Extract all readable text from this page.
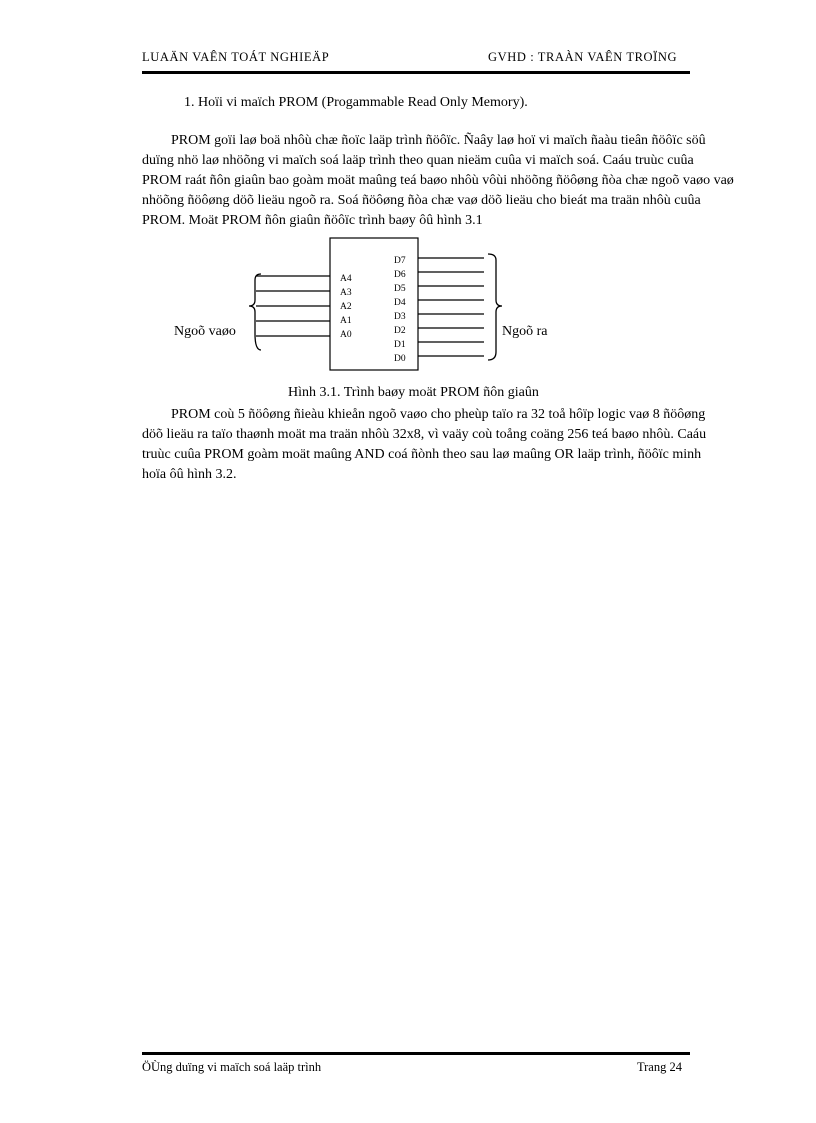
LUAÄN VAÊN TOÁT NGHIEÄP	GVHD : TRAÀN VAÊN TROÏNG
1. Hoïi vi maïch PROM (Progammable Read Only Memory).

PROM goïi laø boä nhôù chæ ñoïc laäp trình ñöôïc. Ñaây laø hoï vi maïch ñaàu tieân ñöôïc söû
duïng nhö laø nhöõng vi maïch soá laäp trình theo quan nieäm cuûa vi maïch soá. Caáu truùc cuûa
PROM raát ñôn giaûn bao goàm moät maûng teá baøo nhôù vôùi nhöõng ñöôøng ñòa chæ ngoõ vaøo vaø
nhöõng ñöôøng döõ lieäu ngoõ ra. Soá ñöôøng ñòa chæ vaø döõ lieäu cho bieát ma traän nhôù cuûa
PROM. Moät PROM ñôn giaûn ñöôïc trình baøy ôû hình 3.1

A4
A3
A2
A1
A0
D7
D6
D5
D4
D3
D2
D1
D0
Ngoõ vaøo	Ngoõ ra
Hình 3.1. Trình baøy moät PROM ñôn giaûn

PROM coù 5 ñöôøng ñieàu khieån ngoõ vaøo cho pheùp taïo ra 32 toå hôïp logic vaø 8 ñöôøng
döõ lieäu ra taïo thaønh moät ma traän nhôù 32x8, vì vaäy coù toång coäng 256 teá baøo nhôù. Caáu
truùc cuûa PROM goàm moät maûng AND coá ñònh theo sau laø maûng OR laäp trình, ñöôïc minh
hoïa ôû hình 3.2.

ÖÙng duïng vi maïch soá laäp trình	Trang 24
